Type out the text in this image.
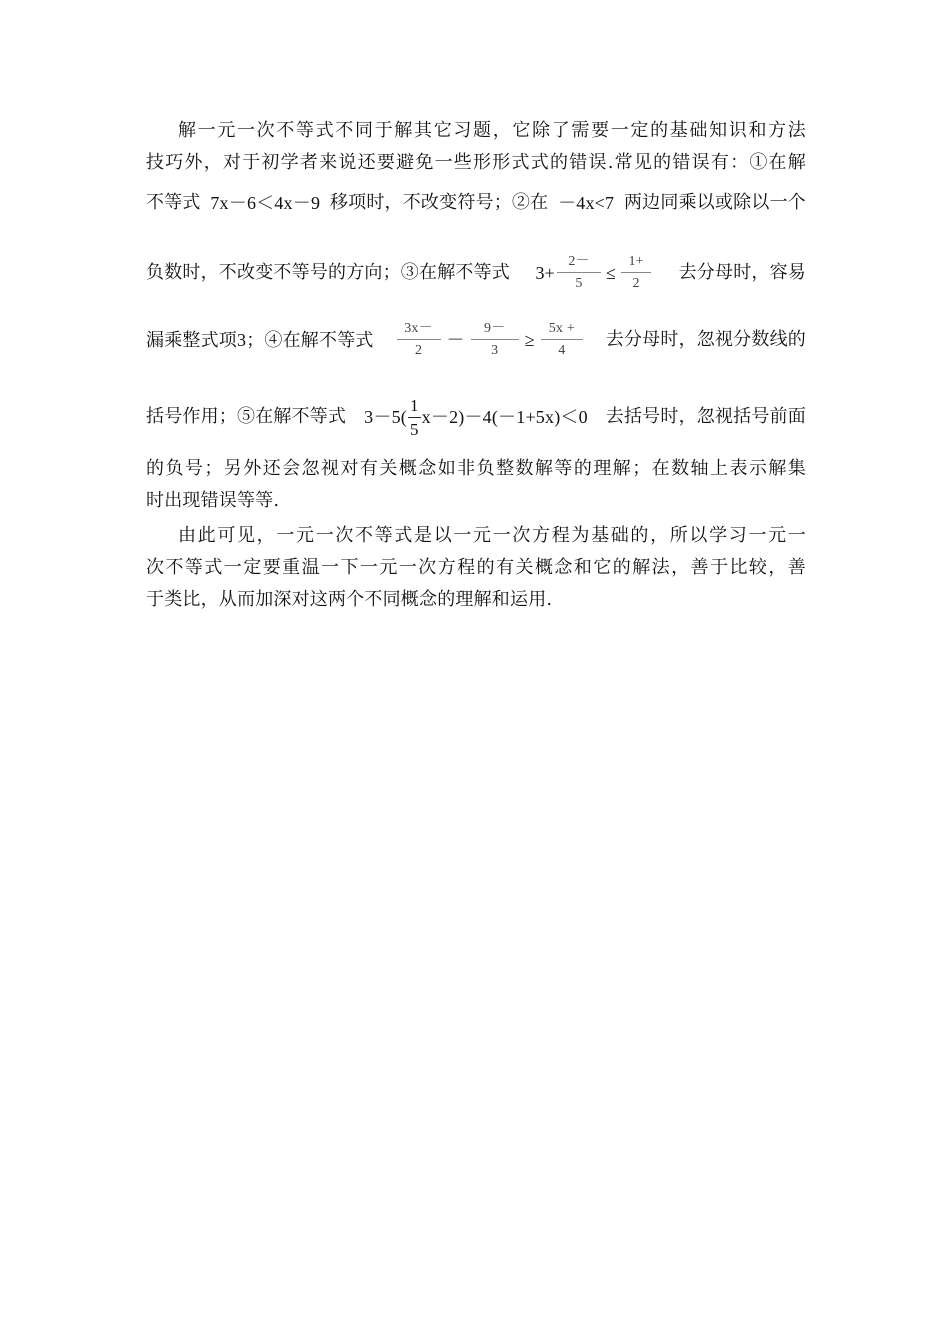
解一元一次不等式不同于解其它习题，它除了需要一定的基础知识和方法
技巧外，对于初学者来说还要避免一些形形式式的错误.常见的错误有：①在解
不等式 7x－6＜4x－9 移项时，不改变符号；②在 －4x<7 两边同乘以或除以一个
负数时，不改变不等号的方向；③在解不等式 $3+ \frac{2-}{5} \le \frac{1+}{2}$ 去分母时，容易
漏乘整式项3；④在解不等式 $\frac{3x-}{2} - \frac{9-}{3} \ge \frac{5x +}{4}$ 去分母时，忽视分数线的
括号作用；⑤在解不等式 $3-5( \frac{1}{5} x-2)-4(-1+5x)<0$ 去括号时，忽视括号前面
的负号；另外还会忽视对有关概念如非负整数解等的理解；在数轴上表示解集
时出现错误等等.
由此可见，一元一次不等式是以一元一次方程为基础的，所以学习一元一
次不等式一定要重温一下一元一次方程的有关概念和它的解法，善于比较，善
于类比，从而加深对这两个不同概念的理解和运用.
